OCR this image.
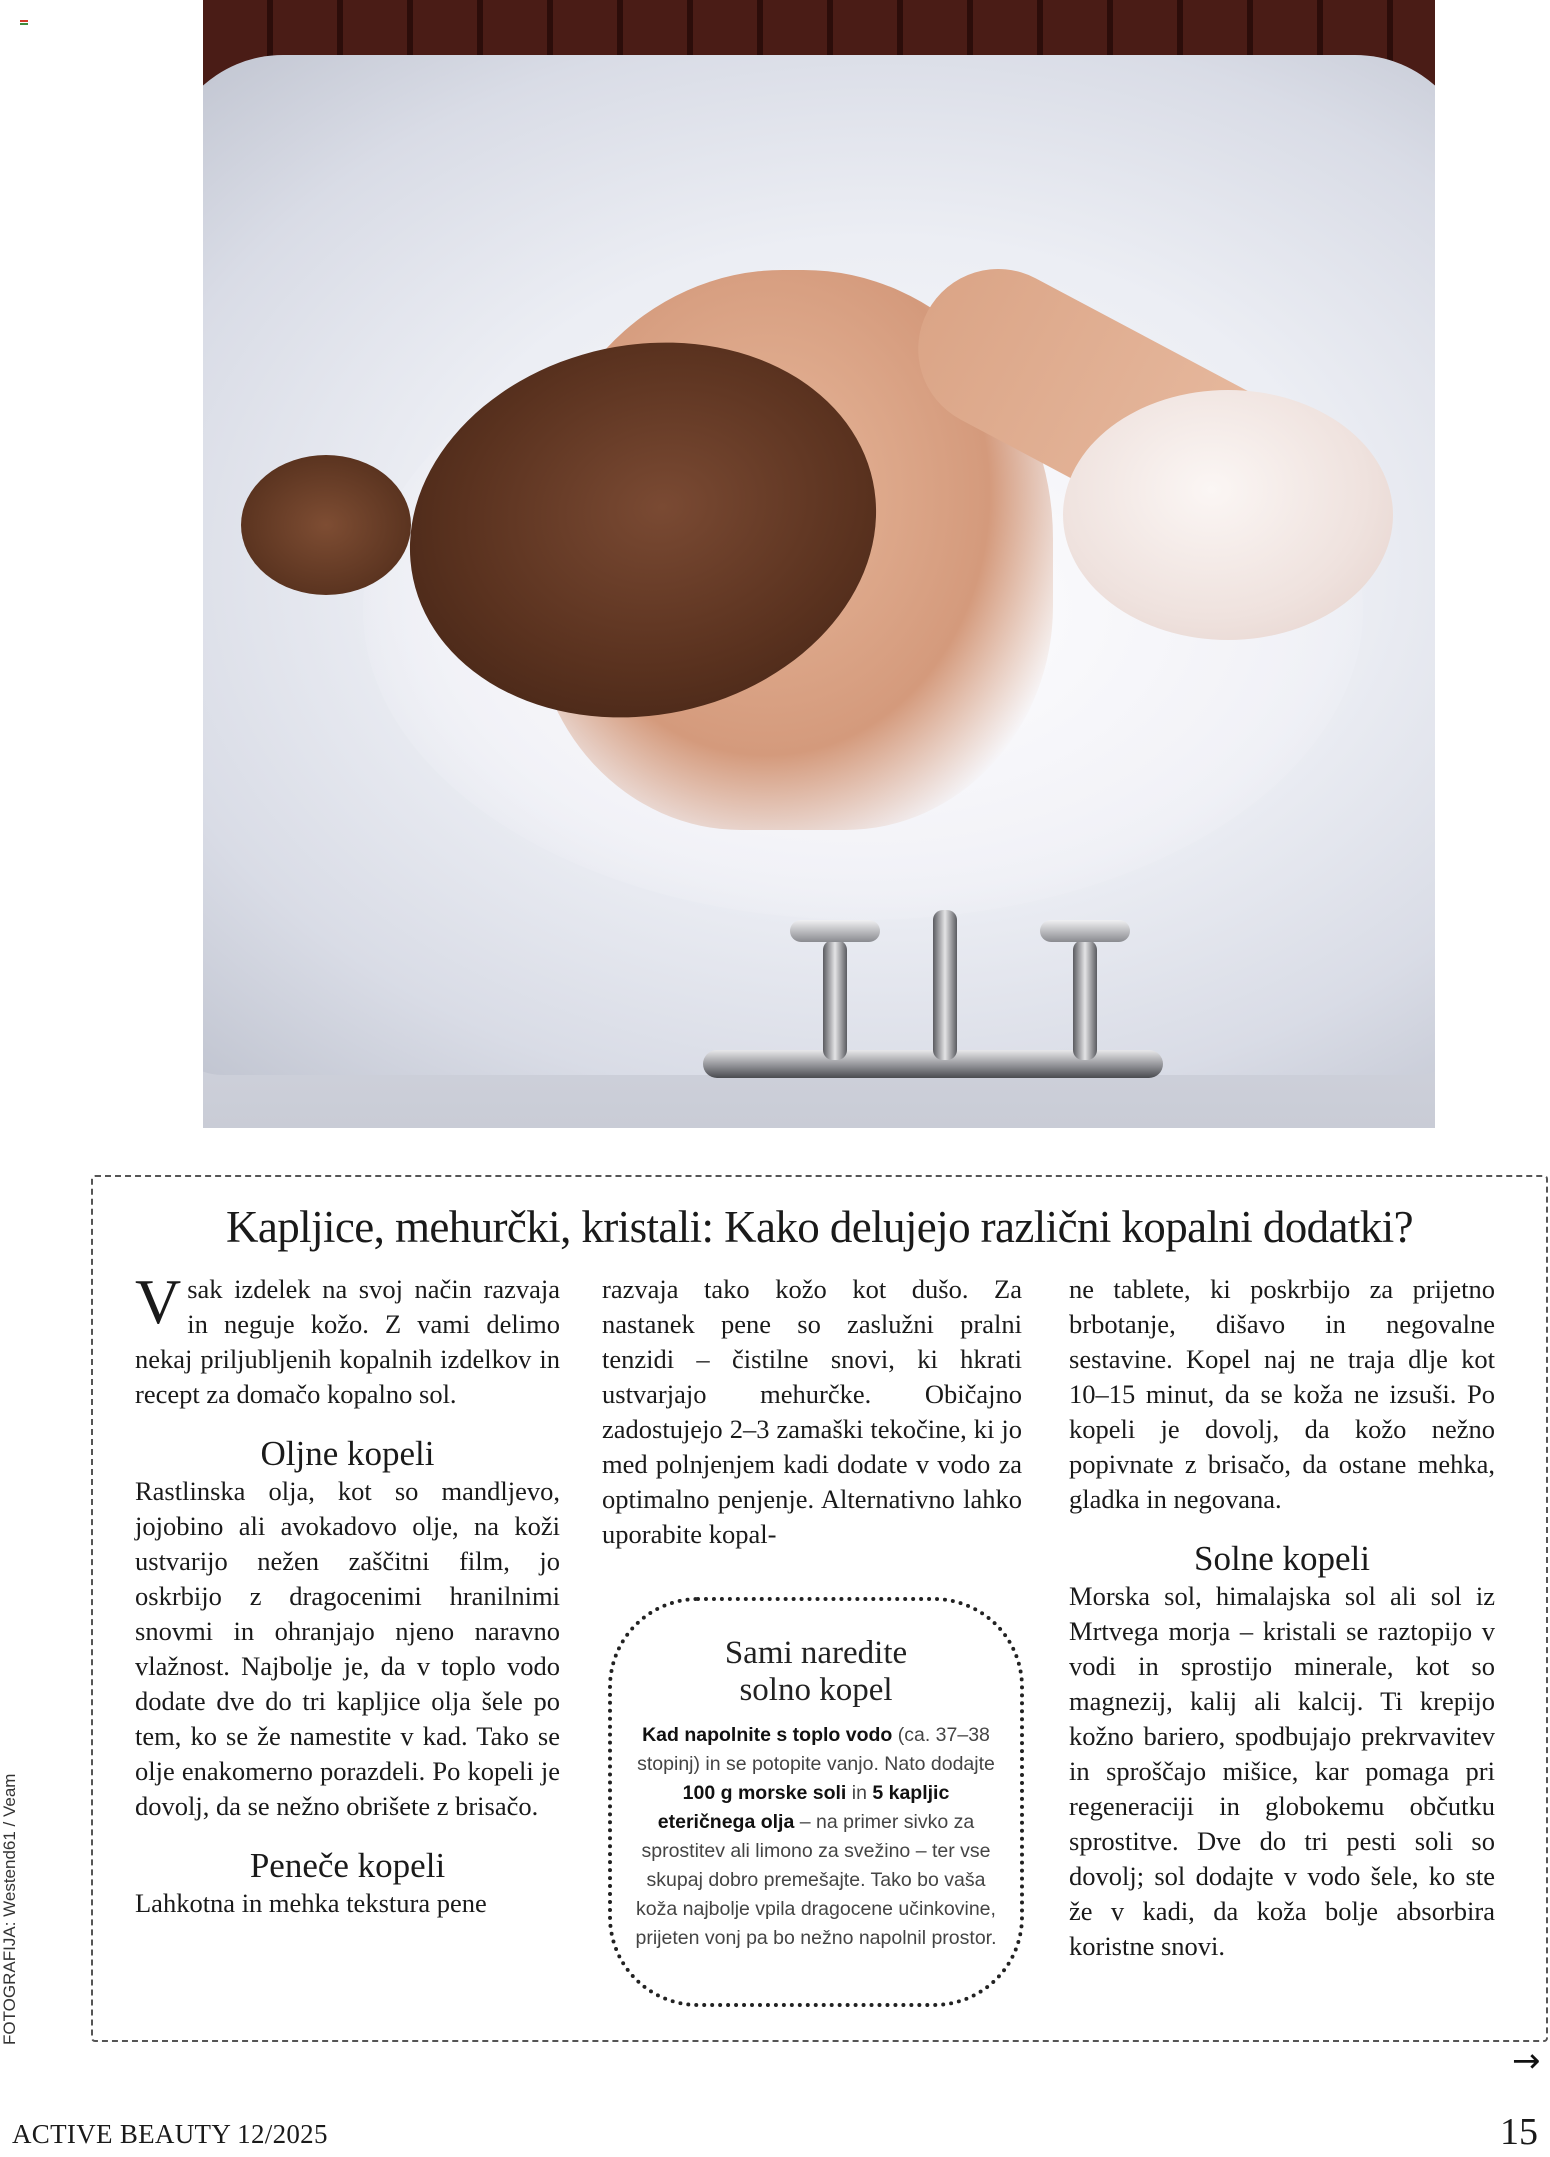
FOTOGRAFIJA: Westend61 / Veam
Kapljice, mehurčki, kristali: Kako delujejo različni kopalni dodatki?

Vsak izdelek na svoj način razvaja in neguje kožo. Z vami delimo nekaj priljubljenih kopalnih izdelkov in recept za domačo kopalno sol.

Oljne kopeli

Rastlinska olja, kot so mandljevo, jojobino ali avokadovo olje, na koži ustvarijo nežen zaščitni film, jo oskrbijo z dragocenimi hranilnimi snovmi in ohranjajo njeno naravno vlažnost. Najbolje je, da v toplo vodo dodate dve do tri kapljice olja šele po tem, ko se že namestite v kad. Tako se olje enakomerno porazdeli. Po kopeli je dovolj, da se nežno obrišete z brisačo.

Peneče kopeli

Lahkotna in mehka tekstura pene

razvaja tako kožo kot dušo. Za nastanek pene so zaslužni pralni tenzidi – čistilne snovi, ki hkrati ustvarjajo mehurčke. Običajno zadostujejo 2–3 zamaški tekočine, ki jo med polnjenjem kadi dodate v vodo za optimalno penjenje. Alternativno lahko uporabite kopal-

Sami naredite
solno kopel
Kad napolnite s toplo vodo (ca. 37–38 stopinj) in se potopite vanjo. Nato dodajte 100 g morske soli in 5 kapljic eteričnega olja – na primer sivko za sprostitev ali limono za svežino – ter vse skupaj dobro premešajte. Tako bo vaša koža najbolje vpila dragocene učinkovine, prijeten vonj pa bo nežno napolnil prostor.

ne tablete, ki poskrbijo za prijetno brbotanje, dišavo in negovalne sestavine. Kopel naj ne traja dlje kot 10–15 minut, da se koža ne izsuši. Po kopeli je dovolj, da kožo nežno popivnate z brisačo, da ostane mehka, gladka in negovana.

Solne kopeli

Morska sol, himalajska sol ali sol iz Mrtvega morja – kristali se raztopijo v vodi in sprostijo minerale, kot so magnezij, kalij ali kalcij. Ti krepijo kožno bariero, spodbujajo prekrvavitev in sproščajo mišice, kar pomaga pri regeneraciji in globokemu občutku sprostitve. Dve do tri pesti soli so dovolj; sol dodajte v vodo šele, ko ste že v kadi, da koža bolje absorbira koristne snovi.

→
ACTIVE BEAUTY 12/2025	15
